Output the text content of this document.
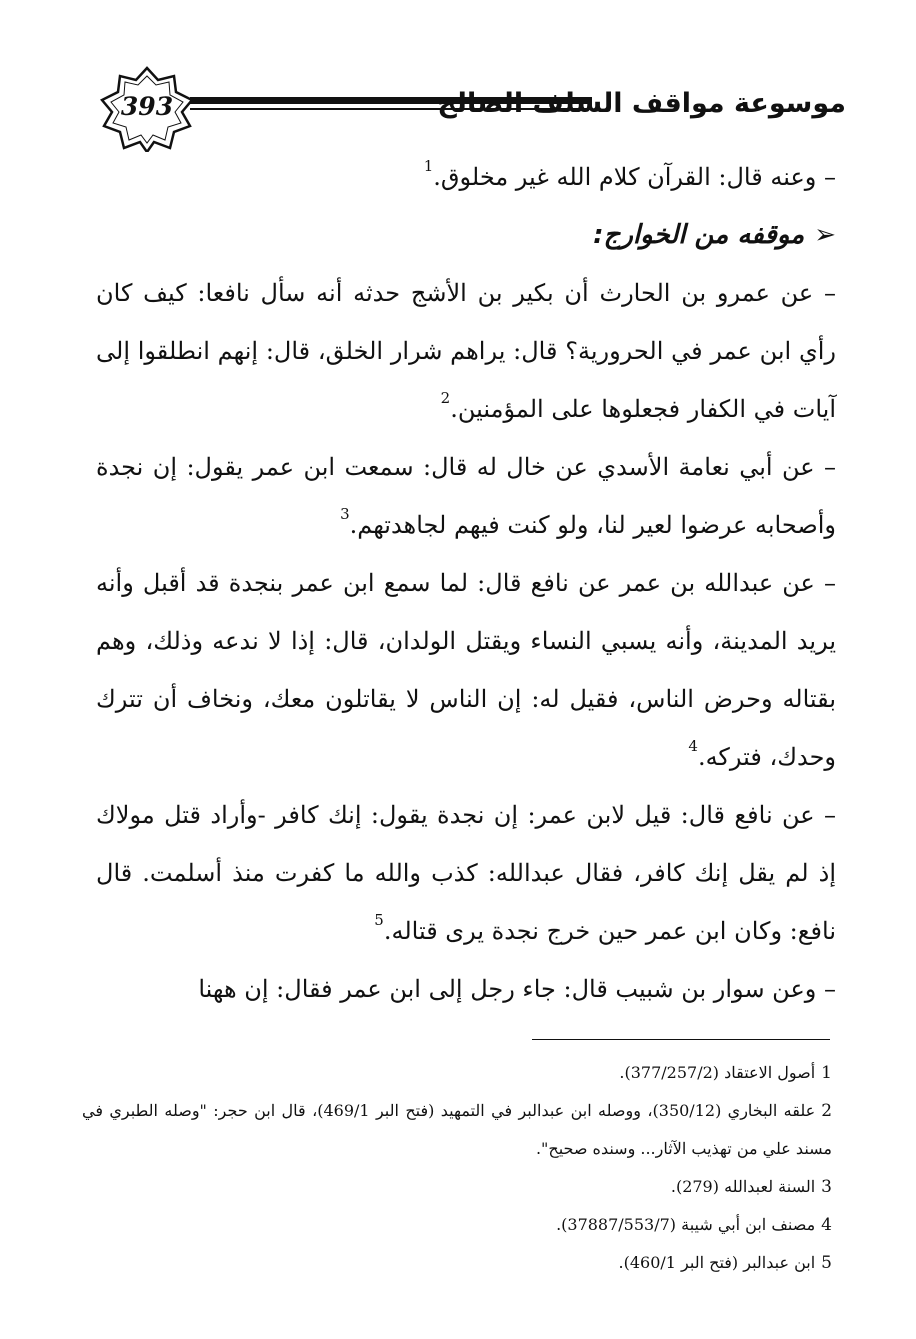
393	موسوعة مواقف السلف الصالح

– وعنه قال: القرآن كلام الله غير مخلوق.$^1$

➢موقفه من الخوارج:

– عن عمرو بن الحارث أن بكير بن الأشج حدثه أنه سأل نافعا: كيف كان رأي ابن عمر في الحرورية؟ قال: يراهم شرار الخلق، قال: إنهم انطلقوا إلى آيات في الكفار فجعلوها على المؤمنين.$^2$

– عن أبي نعامة الأسدي عن خال له قال: سمعت ابن عمر يقول: إن نجدة وأصحابه عرضوا لعير لنا، ولو كنت فيهم لجاهدتهم.$^3$

– عن عبدالله بن عمر عن نافع قال: لما سمع ابن عمر بنجدة قد أقبل وأنه يريد المدينة، وأنه يسبي النساء ويقتل الولدان، قال: إذا لا ندعه وذلك، وهم بقتاله وحرض الناس، فقيل له: إن الناس لا يقاتلون معك، ونخاف أن تترك وحدك، فتركه.$^4$

– عن نافع قال: قيل لابن عمر: إن نجدة يقول: إنك كافر -وأراد قتل مولاك إذ لم يقل إنك كافر، فقال عبدالله: كذب والله ما كفرت منذ أسلمت. قال نافع: وكان ابن عمر حين خرج نجدة يرى قتاله.$^5$

– وعن سوار بن شبيب قال: جاء رجل إلى ابن عمر فقال: إن ههنا

1أصول الاعتقاد (377/257/2).

2علقه البخاري (350/12)، ووصله ابن عبدالبر في التمهيد (فتح البر 469/1)، قال ابن حجر: "وصله الطبري في مسند علي من تهذيب الآثار... وسنده صحيح".

3السنة لعبدالله (279).

4مصنف ابن أبي شيبة (37887/553/7).

5ابن عبدالبر (فتح البر 460/1).
